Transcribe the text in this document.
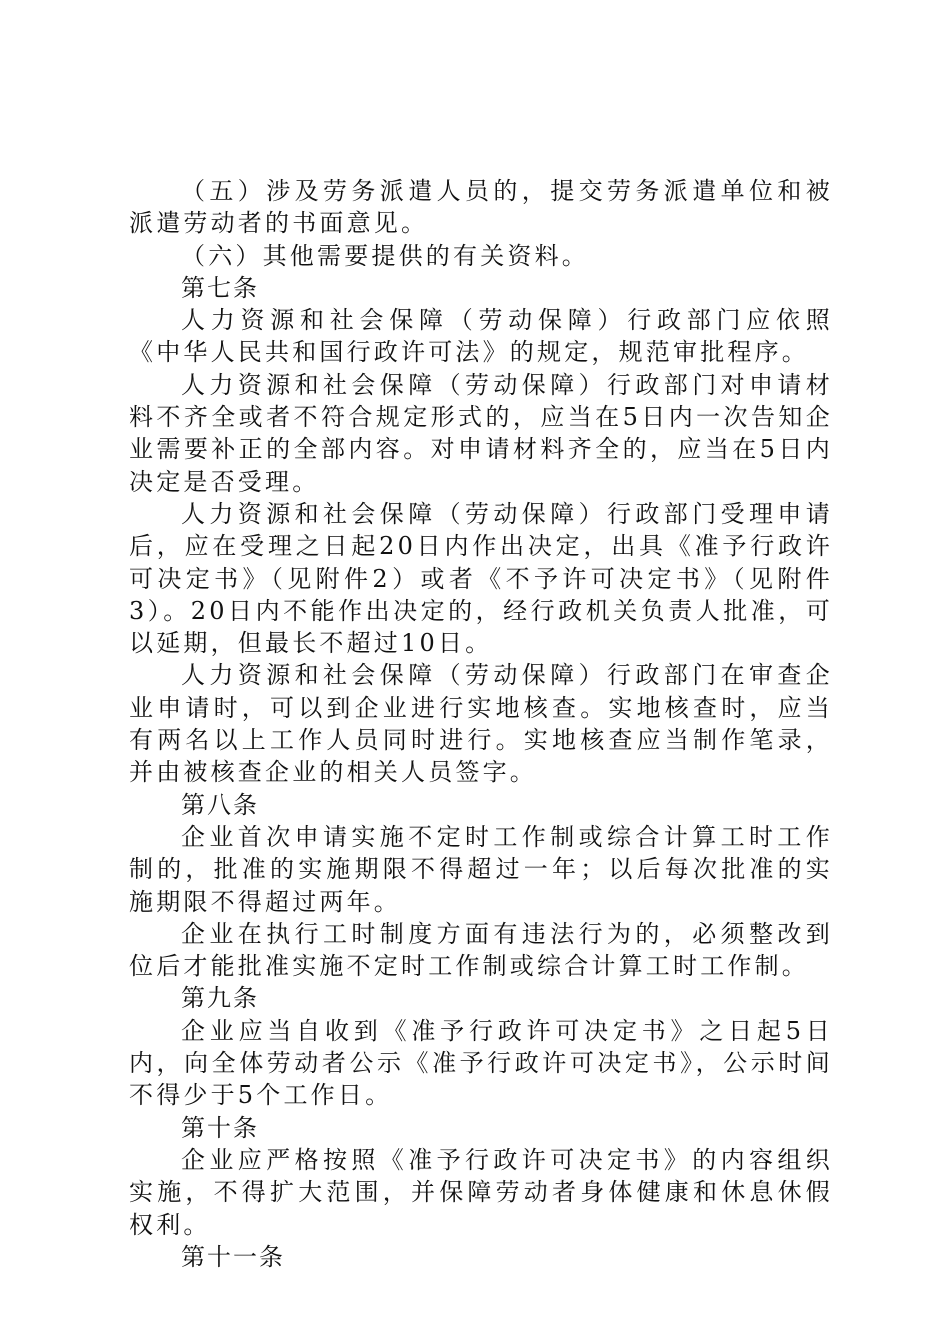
（五）涉及劳务派遣人员的，提交劳务派遣单位和被派遣劳动者的书面意见。

（六）其他需要提供的有关资料。

第七条

人力资源和社会保障（劳动保障）行政部门应依照《中华人民共和国行政许可法》的规定，规范审批程序。

人力资源和社会保障（劳动保障）行政部门对申请材料不齐全或者不符合规定形式的，应当在5日内一次告知企业需要补正的全部内容。对申请材料齐全的，应当在5日内决定是否受理。

人力资源和社会保障（劳动保障）行政部门受理申请后，应在受理之日起20日内作出决定，出具《准予行政许可决定书》（见附件2）或者《不予许可决定书》（见附件3）。20日内不能作出决定的，经行政机关负责人批准，可以延期，但最长不超过10日。

人力资源和社会保障（劳动保障）行政部门在审查企业申请时，可以到企业进行实地核查。实地核查时，应当有两名以上工作人员同时进行。实地核查应当制作笔录，并由被核查企业的相关人员签字。

第八条

企业首次申请实施不定时工作制或综合计算工时工作制的，批准的实施期限不得超过一年；以后每次批准的实施期限不得超过两年。

企业在执行工时制度方面有违法行为的，必须整改到位后才能批准实施不定时工作制或综合计算工时工作制。

第九条

企业应当自收到《准予行政许可决定书》之日起5日内，向全体劳动者公示《准予行政许可决定书》，公示时间不得少于5个工作日。

第十条

企业应严格按照《准予行政许可决定书》的内容组织实施，不得扩大范围，并保障劳动者身体健康和休息休假权利。

第十一条
